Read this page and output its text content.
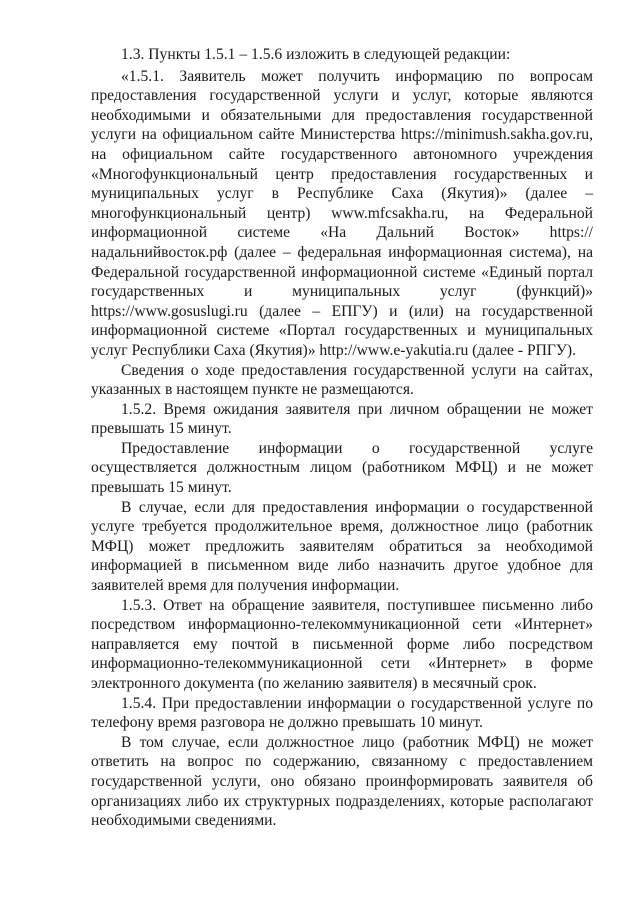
1.3. Пункты 1.5.1 – 1.5.6 изложить в следующей редакции:

«1.5.1. Заявитель может получить информацию по вопросам предоставления государственной услуги и услуг, которые являются необходимыми и обязательными для предоставления государственной услуги на официальном сайте Министерства https://minimush.sakha.gov.ru, на официальном сайте государственного автономного учреждения «Многофункциональный центр предоставления государственных и муниципальных услуг в Республике Саха (Якутия)» (далее – многофункциональный центр) www.mfcsakha.ru, на Федеральной информационной системе «На Дальний Восток» https://надальнийвосток.рф (далее – федеральная информационная система), на Федеральной государственной информационной системе «Единый портал государственных и муниципальных услуг (функций)» https://www.gosuslugi.ru (далее – ЕПГУ) и (или) на государственной информационной системе «Портал государственных и муниципальных услуг Республики Саха (Якутия)» http://www.e-yakutia.ru (далее - РПГУ).

Сведения о ходе предоставления государственной услуги на сайтах, указанных в настоящем пункте не размещаются.

1.5.2. Время ожидания заявителя при личном обращении не может превышать 15 минут.

Предоставление информации о государственной услуге осуществляется должностным лицом (работником МФЦ) и не может превышать 15 минут.

В случае, если для предоставления информации о государственной услуге требуется продолжительное время, должностное лицо (работник МФЦ) может предложить заявителям обратиться за необходимой информацией в письменном виде либо назначить другое удобное для заявителей время для получения информации.

1.5.3. Ответ на обращение заявителя, поступившее письменно либо посредством информационно-телекоммуникационной сети «Интернет» направляется ему почтой в письменной форме либо посредством информационно-телекоммуникационной сети «Интернет» в форме электронного документа (по желанию заявителя) в месячный срок.

1.5.4. При предоставлении информации о государственной услуге по телефону время разговора не должно превышать 10 минут.

В том случае, если должностное лицо (работник МФЦ) не может ответить на вопрос по содержанию, связанному с предоставлением государственной услуги, оно обязано проинформировать заявителя об организациях либо их структурных подразделениях, которые располагают необходимыми сведениями.
